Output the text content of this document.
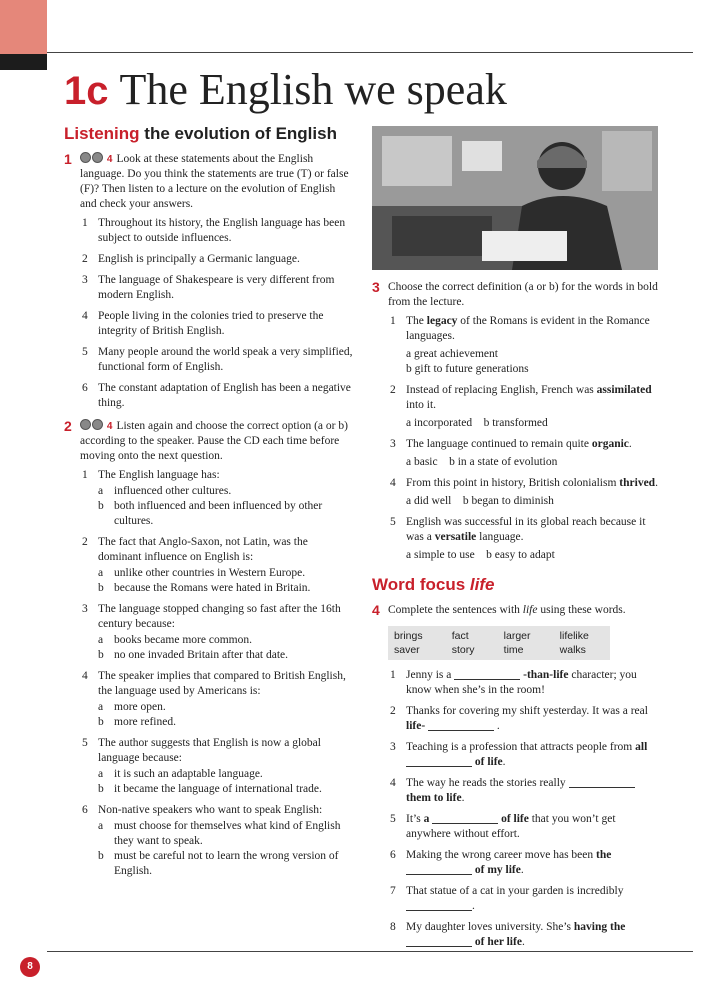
1c The English we speak
Listening the evolution of English
1	4 Look at these statements about the English language. Do you think the statements are true (T) or false (F)? Then listen to a lecture on the evolution of English and check your answers.
1 Throughout its history, the English language has been subject to outside influences.
2 English is principally a Germanic language.
3 The language of Shakespeare is very different from modern English.
4 People living in the colonies tried to preserve the integrity of British English.
5 Many people around the world speak a very simplified, functional form of English.
6 The constant adaptation of English has been a negative thing.
2	4 Listen again and choose the correct option (a or b) according to the speaker. Pause the CD each time before moving onto the next question.
1 The English language has:
a influenced other cultures.
b both influenced and been influenced by other cultures.
2 The fact that Anglo-Saxon, not Latin, was the dominant influence on English is:
a unlike other countries in Western Europe.
b because the Romans were hated in Britain.
3 The language stopped changing so fast after the 16th century because:
a books became more common.
b no one invaded Britain after that date.
4 The speaker implies that compared to British English, the language used by Americans is:
a more open.
b more refined.
5 The author suggests that English is now a global language because:
a it is such an adaptable language.
b it became the language of international trade.
6 Non-native speakers who want to speak English:
a must choose for themselves what kind of English they want to speak.
b must be careful not to learn the wrong version of English.
3 Choose the correct definition (a or b) for the words in bold from the lecture.
1 The legacy of the Romans is evident in the Romance languages.
a great achievement
b gift to future generations
2 Instead of replacing English, French was assimilated into it.
a incorporated    b transformed
3 The language continued to remain quite organic.
a basic    b in a state of evolution
4 From this point in history, British colonialism thrived.
a did well    b began to diminish
5 English was successful in its global reach because it was a versatile language.
a simple to use    b easy to adapt
Word focus life
4 Complete the sentences with life using these words.
brings	fact	larger	lifelike
saver	story	time	walks
1 Jenny is a	-than-life character; you know when she’s in the room!
2 Thanks for covering my shift yesterday. It was a real life-	.
3 Teaching is a profession that attracts people from all  of life.
4 The way he reads the stories really  them to life.
5 It’s a	of life that you won’t get anywhere without effort.
6 Making the wrong career move has been the  of my life.
7 That statue of a cat in your garden is incredibly .
8 My daughter loves university. She’s having the  of her life.
8
